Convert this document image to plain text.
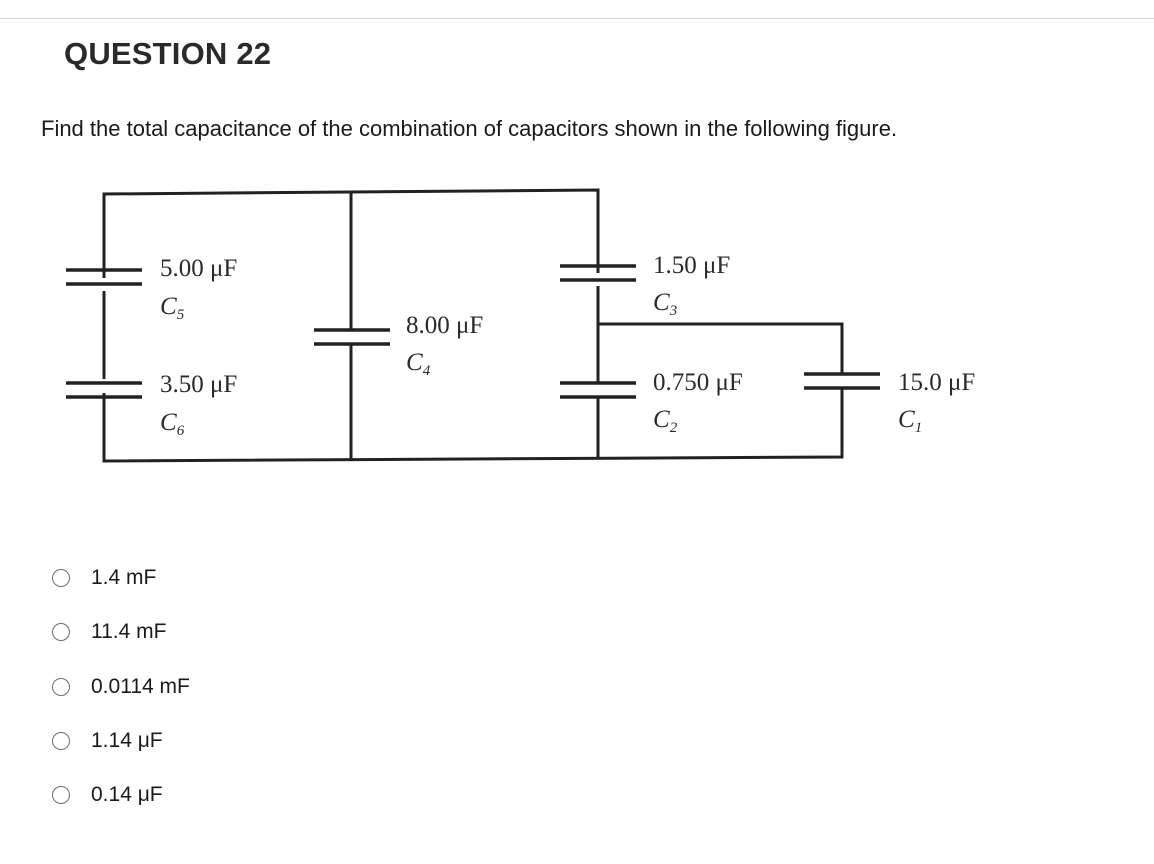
QUESTION 22

Find the total capacitance of the combination of capacitors shown in the following figure.

5.00 μF
$C_5$
3.50 μF
$C_6$
8.00 μF
$C_4$
1.50 μF
$C_3$
0.750 μF
$C_2$
15.0 μF
$C_1$
1.4 mF
11.4 mF
0.0114 mF
1.14 μF
0.14 μF
